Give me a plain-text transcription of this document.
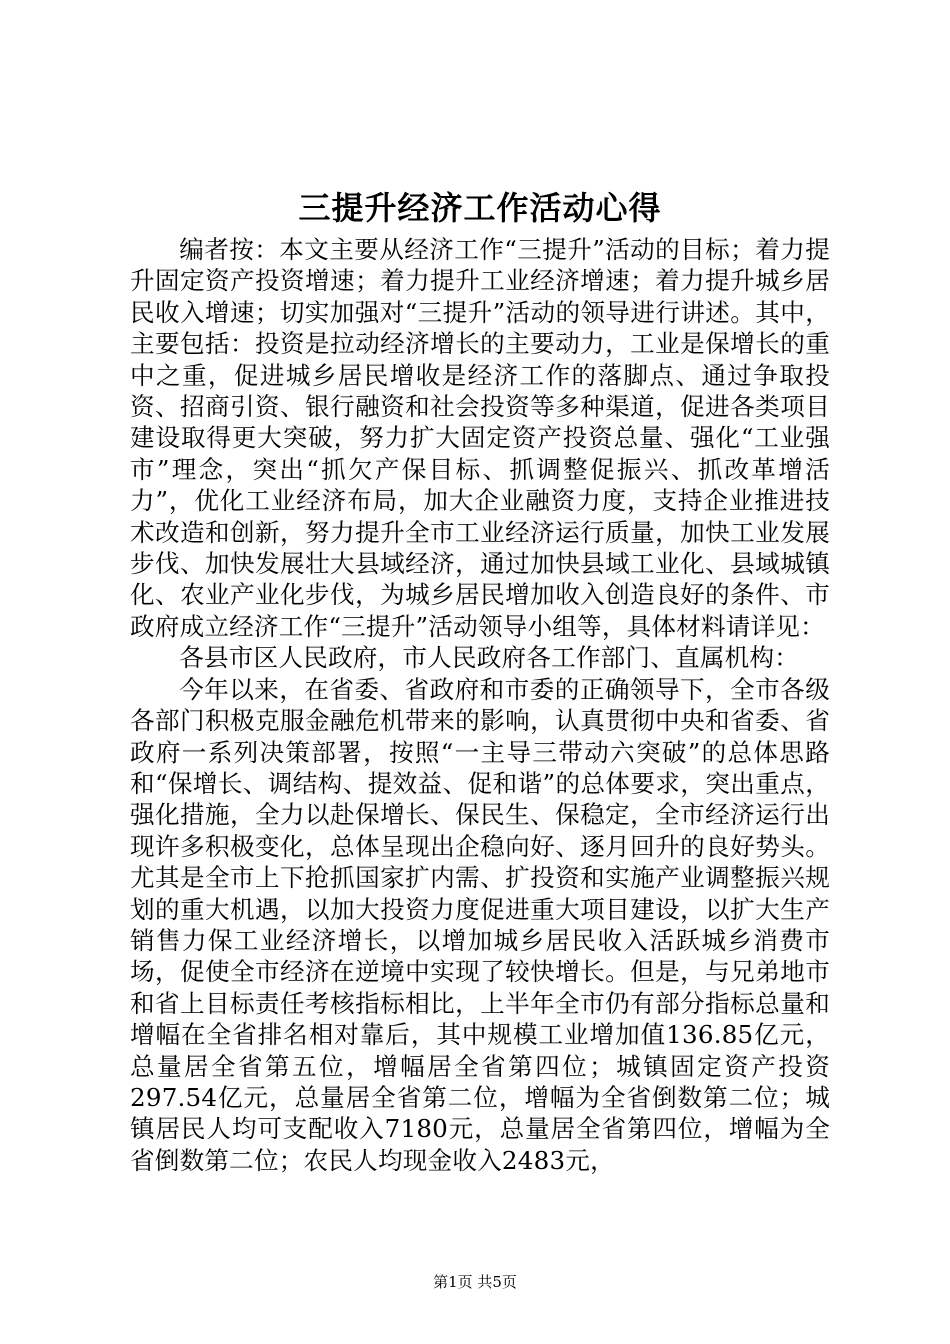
三提升经济工作活动心得

编者按：本文主要从经济工作“三提升”活动的目标；着力提升固定资产投资增速；着力提升工业经济增速；着力提升城乡居民收入增速；切实加强对“三提升”活动的领导进行讲述。其中，主要包括：投资是拉动经济增长的主要动力，工业是保增长的重中之重，促进城乡居民增收是经济工作的落脚点、通过争取投资、招商引资、银行融资和社会投资等多种渠道，促进各类项目建设取得更大突破，努力扩大固定资产投资总量、强化“工业强市”理念，突出“抓欠产保目标、抓调整促振兴、抓改革增活力”，优化工业经济布局，加大企业融资力度，支持企业推进技术改造和创新，努力提升全市工业经济运行质量，加快工业发展步伐、加快发展壮大县域经济，通过加快县域工业化、县域城镇化、农业产业化步伐，为城乡居民增加收入创造良好的条件、市政府成立经济工作“三提升”活动领导小组等，具体材料请详见：

各县市区人民政府，市人民政府各工作部门、直属机构：

今年以来，在省委、省政府和市委的正确领导下，全市各级各部门积极克服金融危机带来的影响，认真贯彻中央和省委、省政府一系列决策部署，按照“一主导三带动六突破”的总体思路和“保增长、调结构、提效益、促和谐”的总体要求，突出重点，强化措施，全力以赴保增长、保民生、保稳定，全市经济运行出现许多积极变化，总体呈现出企稳向好、逐月回升的良好势头。尤其是全市上下抢抓国家扩内需、扩投资和实施产业调整振兴规划的重大机遇，以加大投资力度促进重大项目建设，以扩大生产销售力保工业经济增长，以增加城乡居民收入活跃城乡消费市场，促使全市经济在逆境中实现了较快增长。但是，与兄弟地市和省上目标责任考核指标相比，上半年全市仍有部分指标总量和增幅在全省排名相对靠后，其中规模工业增加值136.85亿元，总量居全省第五位，增幅居全省第四位；城镇固定资产投资297.54亿元，总量居全省第二位，增幅为全省倒数第二位；城镇居民人均可支配收入7180元，总量居全省第四位，增幅为全省倒数第二位；农民人均现金收入2483元，

第1页 共5页
